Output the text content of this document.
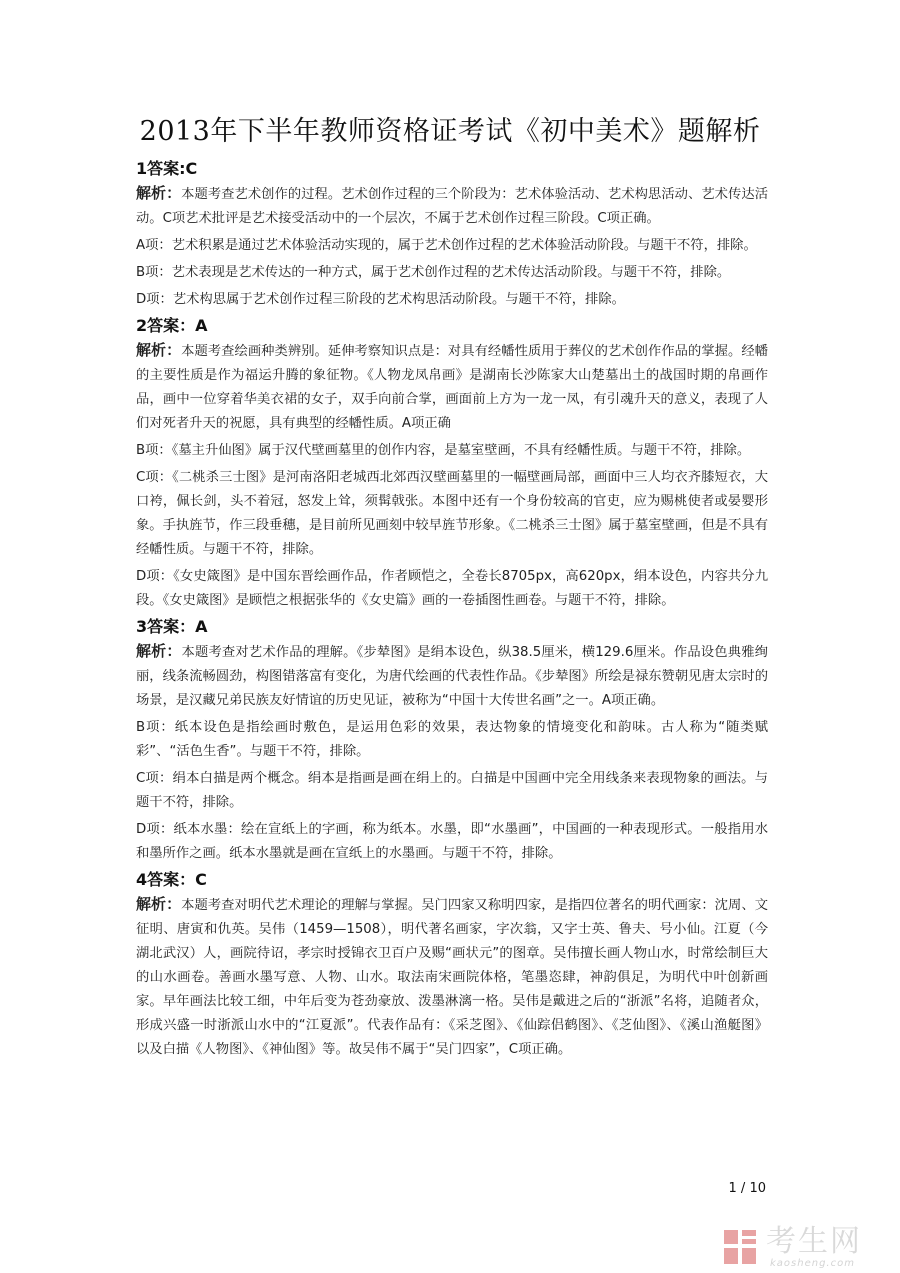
2013年下半年教师资格证考试《初中美术》题解析
1答案:C

解析：本题考查艺术创作的过程。艺术创作过程的三个阶段为：艺术体验活动、艺术构思活动、艺术传达活动。C项艺术批评是艺术接受活动中的一个层次，不属于艺术创作过程三阶段。C项正确。

A项：艺术积累是通过艺术体验活动实现的，属于艺术创作过程的艺术体验活动阶段。与题干不符，排除。

B项：艺术表现是艺术传达的一种方式，属于艺术创作过程的艺术传达活动阶段。与题干不符，排除。

D项：艺术构思属于艺术创作过程三阶段的艺术构思活动阶段。与题干不符，排除。

2答案：A

解析：本题考查绘画种类辨别。延伸考察知识点是：对具有经幡性质用于葬仪的艺术创作作品的掌握。经幡的主要性质是作为福运升腾的象征物。《人物龙凤帛画》是湖南长沙陈家大山楚墓出土的战国时期的帛画作品，画中一位穿着华美衣裙的女子，双手向前合掌，画面前上方为一龙一凤，有引魂升天的意义，表现了人们对死者升天的祝愿，具有典型的经幡性质。A项正确

B项：《墓主升仙图》属于汉代壁画墓里的创作内容，是墓室壁画，不具有经幡性质。与题干不符，排除。

C项：《二桃杀三士图》是河南洛阳老城西北郊西汉壁画墓里的一幅壁画局部，画面中三人均衣齐膝短衣，大口袴，佩长剑，头不着冠，怒发上耸，须髯戟张。本图中还有一个身份较高的官吏，应为赐桃使者或晏婴形象。手执旌节，作三段垂穗，是目前所见画刻中较早旌节形象。《二桃杀三士图》属于墓室壁画，但是不具有经幡性质。与题干不符，排除。

D项：《女史箴图》是中国东晋绘画作品，作者顾恺之，全卷长8705px，高620px，绢本设色，内容共分九段。《女史箴图》是顾恺之根据张华的《女史篇》画的一卷插图性画卷。与题干不符，排除。

3答案：A

解析：本题考查对艺术作品的理解。《步辇图》是绢本设色，纵38.5厘米，横129.6厘米。作品设色典雅绚丽，线条流畅圆劲，构图错落富有变化，为唐代绘画的代表性作品。《步辇图》所绘是禄东赞朝见唐太宗时的场景，是汉藏兄弟民族友好情谊的历史见证，被称为“中国十大传世名画”之一。A项正确。

B项：纸本设色是指绘画时敷色，是运用色彩的效果，表达物象的情境变化和韵味。古人称为“随类赋彩”、“活色生香”。与题干不符，排除。

C项：绢本白描是两个概念。绢本是指画是画在绢上的。白描是中国画中完全用线条来表现物象的画法。与题干不符，排除。

D项：纸本水墨：绘在宣纸上的字画，称为纸本。水墨，即“水墨画”，中国画的一种表现形式。一般指用水和墨所作之画。纸本水墨就是画在宣纸上的水墨画。与题干不符，排除。

4答案：C

解析：本题考查对明代艺术理论的理解与掌握。吴门四家又称明四家，是指四位著名的明代画家：沈周、文征明、唐寅和仇英。吴伟（1459—1508），明代著名画家，字次翁，又字士英、鲁夫、号小仙。江夏（今湖北武汉）人，画院待诏，孝宗时授锦衣卫百户及赐“画状元”的图章。吴伟擅长画人物山水，时常绘制巨大的山水画卷。善画水墨写意、人物、山水。取法南宋画院体格，笔墨恣肆，神韵俱足，为明代中叶创新画家。早年画法比较工细，中年后变为苍劲豪放、泼墨淋漓一格。吴伟是戴进之后的“浙派”名将，追随者众，形成兴盛一时浙派山水中的“江夏派”。代表作品有：《采芝图》、《仙踪侣鹤图》、《芝仙图》、《溪山渔艇图》以及白描《人物图》、《神仙图》等。故吴伟不属于“吴门四家”，C项正确。

1 / 10
考生网
kaosheng.com
